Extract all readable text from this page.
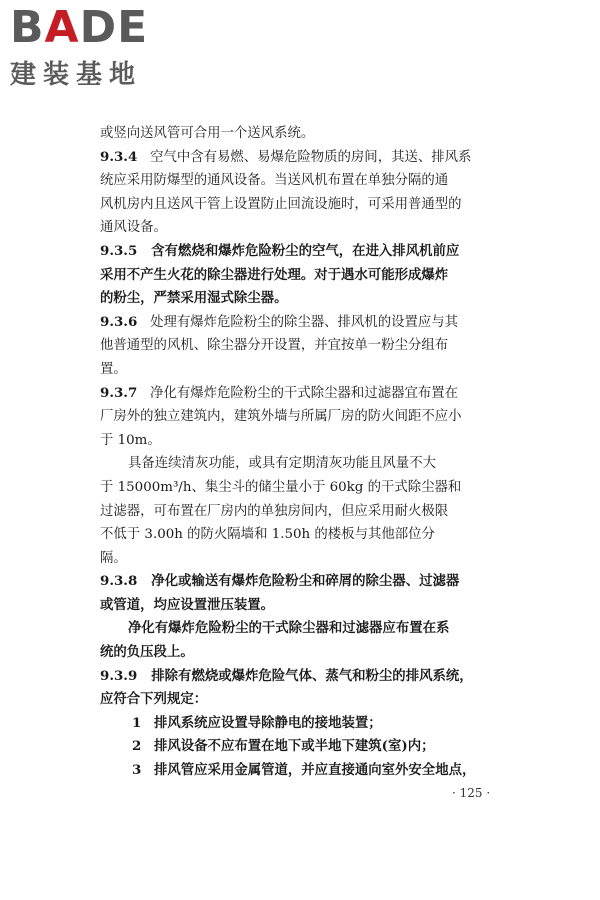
BADE
建装基地
或竖向送风管可合用一个送风系统。
9.3.4 空气中含有易燃、易爆危险物质的房间，其送、排风系
统应采用防爆型的通风设备。当送风机布置在单独分隔的通
风机房内且送风干管上设置防止回流设施时，可采用普通型的
通风设备。
9.3.5 含有燃烧和爆炸危险粉尘的空气，在进入排风机前应
采用不产生火花的除尘器进行处理。对于遇水可能形成爆炸
的粉尘，严禁采用湿式除尘器。
9.3.6 处理有爆炸危险粉尘的除尘器、排风机的设置应与其
他普通型的风机、除尘器分开设置，并宜按单一粉尘分组布
置。
9.3.7 净化有爆炸危险粉尘的干式除尘器和过滤器宜布置在
厂房外的独立建筑内，建筑外墙与所属厂房的防火间距不应小
于 10m。
具备连续清灰功能，或具有定期清灰功能且风量不大
于 15000m³/h、集尘斗的储尘量小于 60kg 的干式除尘器和
过滤器，可布置在厂房内的单独房间内，但应采用耐火极限
不低于 3.00h 的防火隔墙和 1.50h 的楼板与其他部位分
隔。
9.3.8 净化或输送有爆炸危险粉尘和碎屑的除尘器、过滤器
或管道，均应设置泄压装置。
净化有爆炸危险粉尘的干式除尘器和过滤器应布置在系
统的负压段上。
9.3.9 排除有燃烧或爆炸危险气体、蒸气和粉尘的排风系统，
应符合下列规定：
1 排风系统应设置导除静电的接地装置；
2 排风设备不应布置在地下或半地下建筑(室)内；
3 排风管应采用金属管道，并应直接通向室外安全地点，
· 125 ·
